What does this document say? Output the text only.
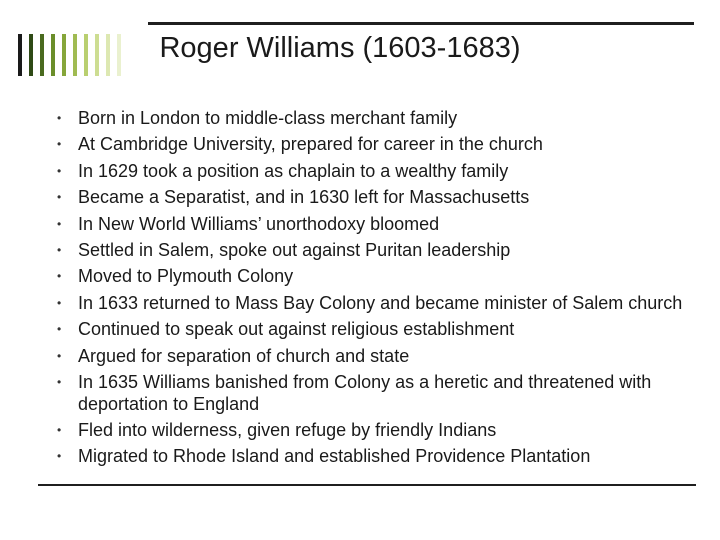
Roger Williams (1603-1683)
• Born in London to middle-class merchant family
• At Cambridge University, prepared for career in the church
• In 1629 took a position as chaplain to a wealthy family
• Became a Separatist, and in 1630 left for Massachusetts
• In New World Williams’ unorthodoxy bloomed
• Settled in Salem, spoke out against Puritan leadership
• Moved to Plymouth Colony
• In 1633 returned to Mass Bay Colony and became minister of Salem church
• Continued to speak out against religious establishment
• Argued for separation of church and state
• In 1635 Williams banished from Colony as a heretic and threatened with deportation to England
• Fled into wilderness, given refuge by friendly Indians
• Migrated to Rhode Island and established Providence Plantation
